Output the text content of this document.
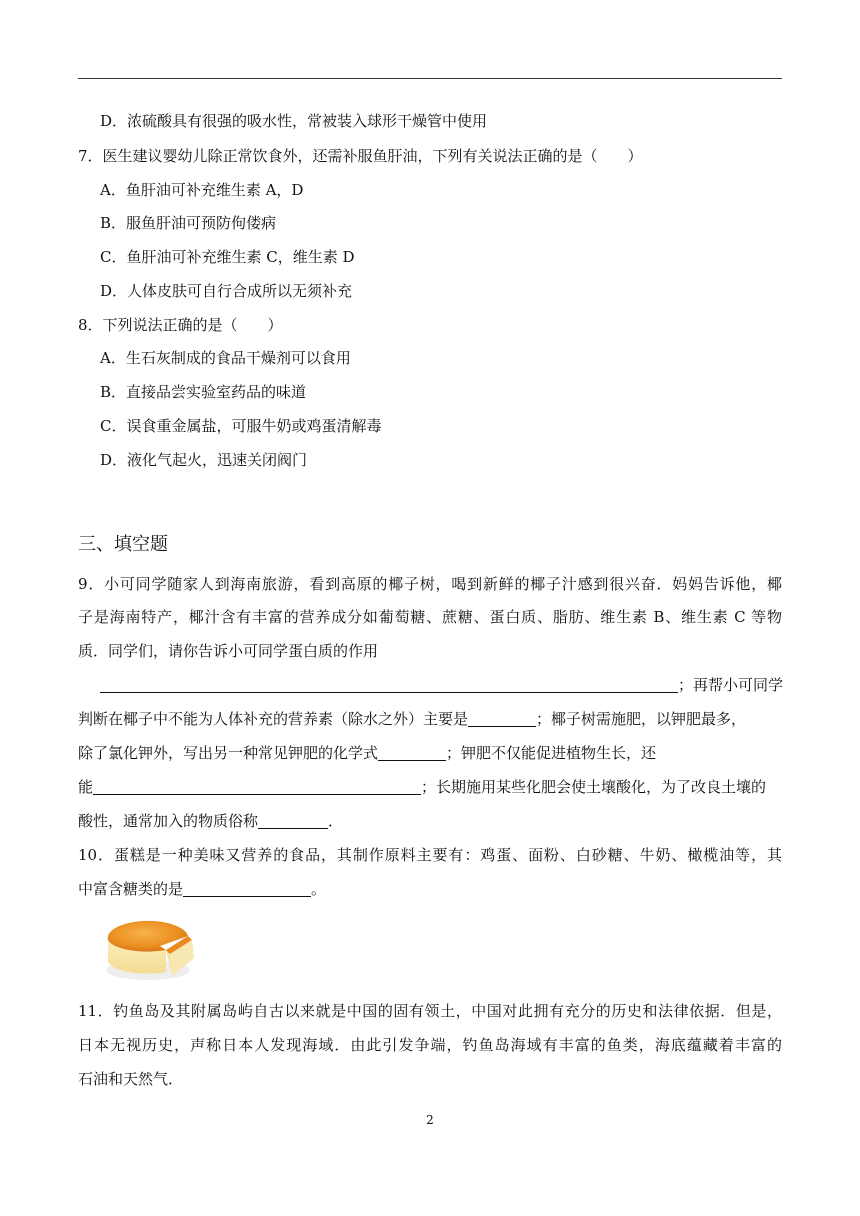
D．浓硫酸具有很强的吸水性，常被装入球形干燥管中使用
7．医生建议婴幼儿除正常饮食外，还需补服鱼肝油，下列有关说法正确的是（　　）
A．鱼肝油可补充维生素 A，D
B．服鱼肝油可预防佝偻病
C．鱼肝油可补充维生素 C，维生素 D
D．人体皮肤可自行合成所以无须补充
8．下列说法正确的是（　　）
A．生石灰制成的食品干燥剂可以食用
B．直接品尝实验室药品的味道
C．误食重金属盐，可服牛奶或鸡蛋清解毒
D．液化气起火，迅速关闭阀门
三、填空题
9．小可同学随家人到海南旅游，看到高原的椰子树，喝到新鲜的椰子汁感到很兴奋．妈妈告诉他，椰
子是海南特产，椰汁含有丰富的营养成分如葡萄糖、蔗糖、蛋白质、脂肪、维生素 B、维生素 C 等物
质．同学们，请你告诉小可同学蛋白质的作用
；再帮小可同学
判断在椰子中不能为人体补充的营养素（除水之外）主要是	；椰子树需施肥，以钾肥最多，
除了氯化钾外，写出另一种常见钾肥的化学式	；钾肥不仅能促进植物生长，还
能	；长期施用某些化肥会使土壤酸化，为了改良土壤的
酸性，通常加入的物质俗称	．
10．蛋糕是一种美味又营养的食品，其制作原料主要有：鸡蛋、面粉、白砂糖、牛奶、橄榄油等，其
中富含糖类的是	。
11．钓鱼岛及其附属岛屿自古以来就是中国的固有领土，中国对此拥有充分的历史和法律依据．但是，
日本无视历史，声称日本人发现海域．由此引发争端，钓鱼岛海域有丰富的鱼类，海底蕴藏着丰富的
石油和天然气．
2
